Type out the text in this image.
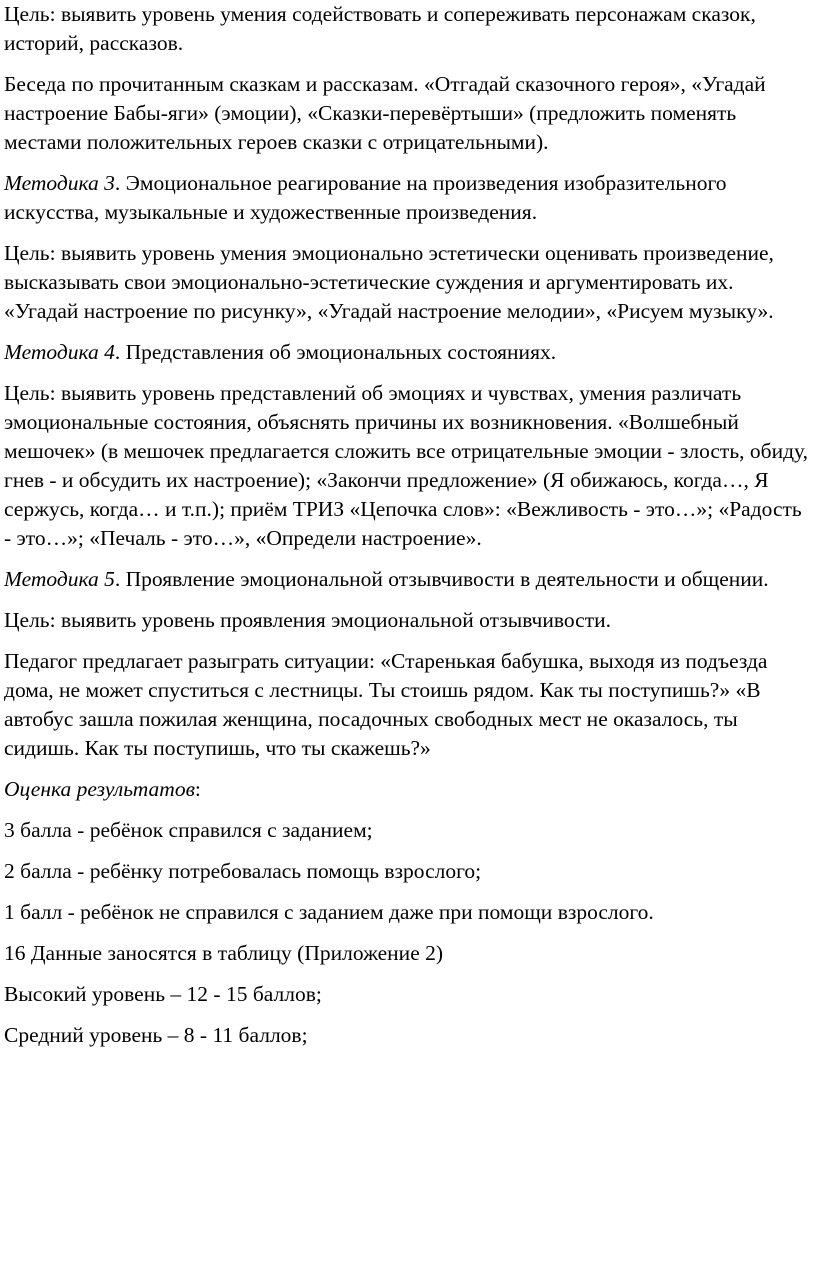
Цель: выявить уровень умения содействовать и сопереживать персонажам сказок, историй, рассказов.

Беседа по прочитанным сказкам и рассказам. «Отгадай сказочного героя», «Угадай настроение Бабы-яги» (эмоции), «Сказки-перевёртыши» (предложить поменять местами положительных героев сказки с отрицательными).

Методика 3. Эмоциональное реагирование на произведения изобразительного искусства, музыкальные и художественные произведения.

Цель: выявить уровень умения эмоционально эстетически оценивать произведение, высказывать свои эмоционально-эстетические суждения и аргументировать их.

«Угадай настроение по рисунку», «Угадай настроение мелодии», «Рисуем музыку».

Методика 4. Представления об эмоциональных состояниях.

Цель: выявить уровень представлений об эмоциях и чувствах, умения различать эмоциональные состояния, объяснять причины их возникновения. «Волшебный мешочек» (в мешочек предлагается сложить все отрицательные эмоции - злость, обиду, гнев - и обсудить их настроение); «Закончи предложение» (Я обижаюсь, когда…, Я сержусь, когда… и т.п.); приём ТРИЗ «Цепочка слов»: «Вежливость - это…»; «Радость - это…»; «Печаль - это…», «Определи настроение».

Методика 5. Проявление эмоциональной отзывчивости в деятельности и общении.

Цель: выявить уровень проявления эмоциональной отзывчивости.

Педагог предлагает разыграть ситуации: «Старенькая бабушка, выходя из подъезда дома, не может спуститься с лестницы. Ты стоишь рядом. Как ты поступишь?» «В автобус зашла пожилая женщина, посадочных свободных мест не оказалось, ты сидишь. Как ты поступишь, что ты скажешь?»

Оценка результатов:

3 балла - ребёнок справился с заданием;

2 балла - ребёнку потребовалась помощь взрослого;

1 балл - ребёнок не справился с заданием даже при помощи взрослого.

16 Данные заносятся в таблицу (Приложение 2)

Высокий уровень – 12 - 15 баллов;

Средний уровень – 8 - 11 баллов;
